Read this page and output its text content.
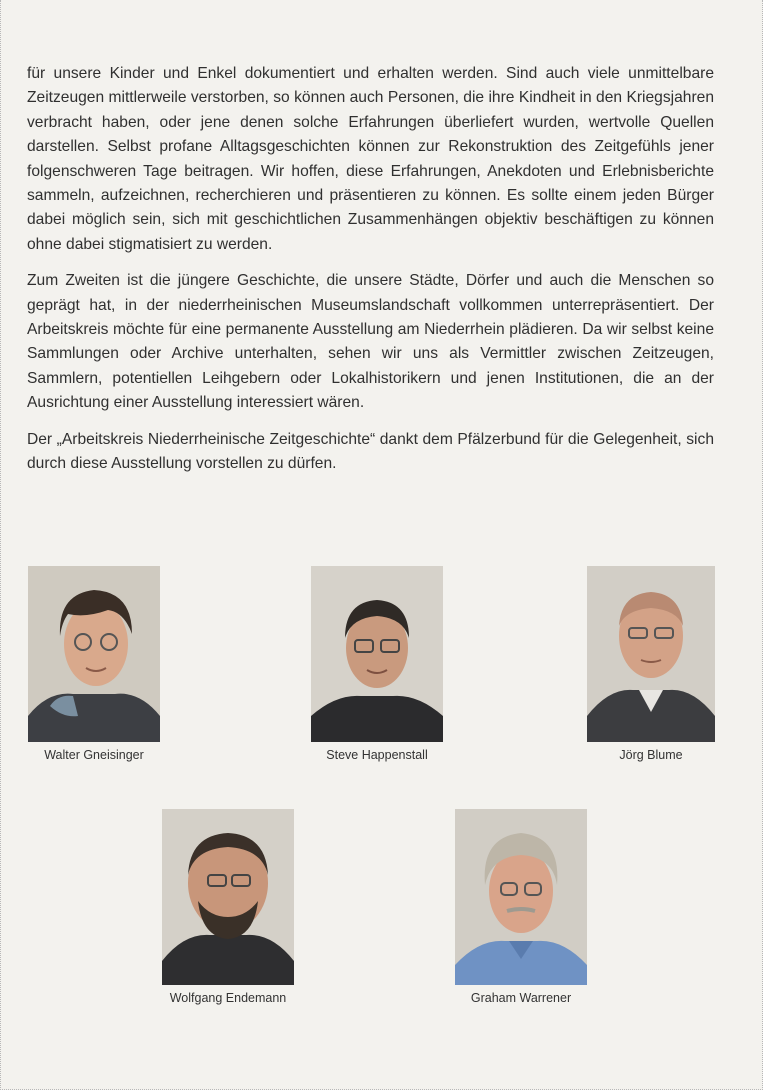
für unsere Kinder und Enkel dokumentiert und erhalten werden. Sind auch viele unmittelbare Zeitzeugen mittlerweile verstorben, so können auch Personen, die ihre Kindheit in den Kriegsjahren verbracht haben, oder jene denen solche Erfahrungen überliefert wurden, wertvolle Quellen darstellen. Selbst profane Alltagsgeschichten können zur Rekonstruktion des Zeitgefühls jener folgenschweren Tage beitragen. Wir hoffen, diese Erfahrungen, Anekdoten und Erlebnisberichte sammeln, aufzeichnen, recherchieren und präsentieren zu können. Es sollte einem jeden Bürger dabei möglich sein, sich mit geschichtlichen Zusammenhängen objektiv beschäftigen zu können ohne dabei stigmatisiert zu werden.

Zum Zweiten ist die jüngere Geschichte, die unsere Städte, Dörfer und auch die Menschen so geprägt hat, in der niederrheinischen Museumslandschaft vollkommen unterrepräsentiert. Der Arbeitskreis möchte für eine permanente Ausstellung am Niederrhein plädieren. Da wir selbst keine Sammlungen oder Archive unterhalten, sehen wir uns als Vermittler zwischen Zeitzeugen, Sammlern, potentiellen Leihgebern oder Lokalhistorikern und jenen Institutionen, die an der Ausrichtung einer Ausstellung interessiert wären.

Der „Arbeitskreis Niederrheinische Zeitgeschichte“ dankt dem Pfälzerbund für die Gelegenheit, sich durch diese Ausstellung vorstellen zu dürfen.

Walter Gneisinger	Steve Happenstall	Jörg Blume
Wolfgang Endemann	Graham Warrener
